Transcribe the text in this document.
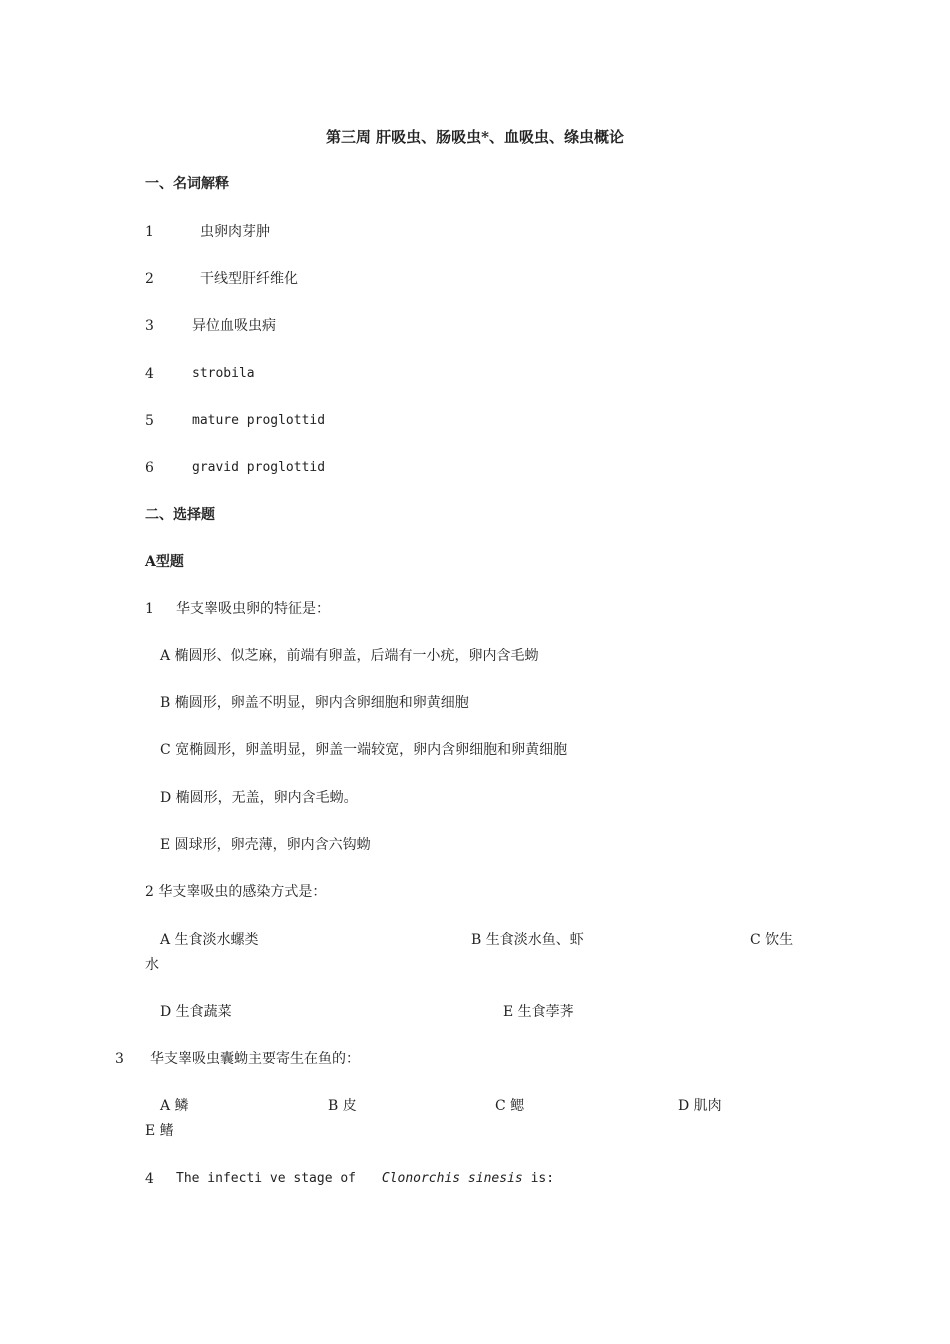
第三周 肝吸虫、肠吸虫*、血吸虫、绦虫概论
一、名词解释
1	虫卵肉芽肿
2	干线型肝纤维化
3	异位血吸虫病
4	strobila
5	mature proglottid
6	gravid proglottid
二、选择题
A型题
1 华支睾吸虫卵的特征是：
A 椭圆形、似芝麻，前端有卵盖，后端有一小疣，卵内含毛蚴
B 椭圆形，卵盖不明显，卵内含卵细胞和卵黄细胞
C 宽椭圆形，卵盖明显，卵盖一端较宽，卵内含卵细胞和卵黄细胞
D 椭圆形，无盖，卵内含毛蚴。
E 圆球形，卵壳薄，卵内含六钩蚴
2 华支睾吸虫的感染方式是：
A 生食淡水螺类	B 生食淡水鱼、虾	C 饮生
水
D 生食蔬菜	E 生食荸荠
3 华支睾吸虫囊蚴主要寄生在鱼的：
A 鳞	B 皮	C 鳃	D 肌肉
E 鳍
4 The infecti ve stage of Clonorchis sinesis is:
